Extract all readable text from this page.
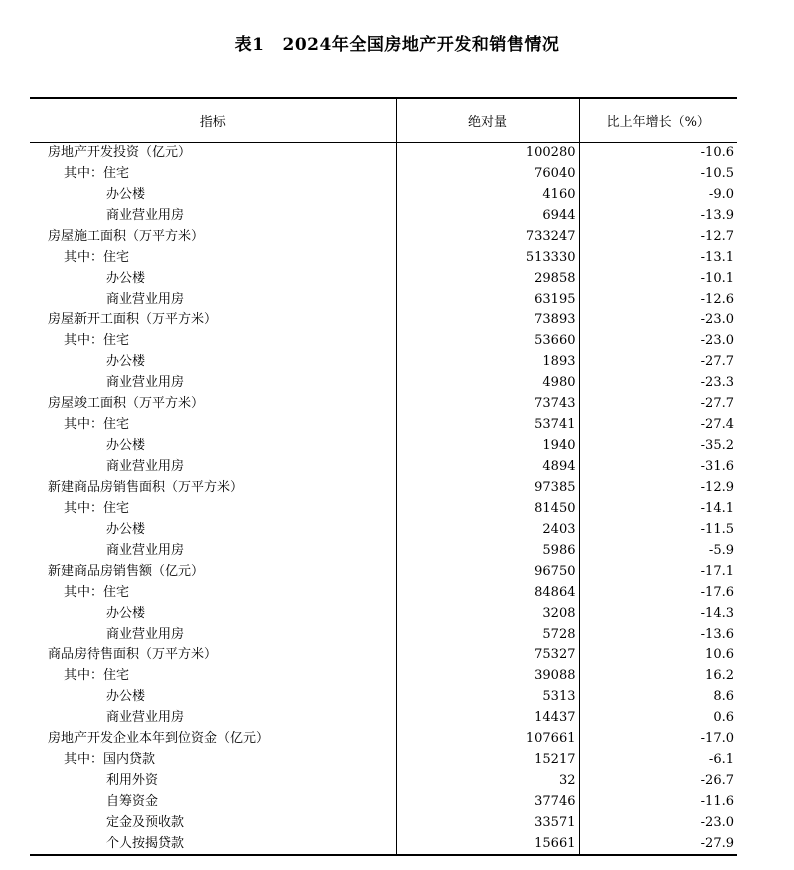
表1 2024年全国房地产开发和销售情况
指标	绝对量	比上年增长（%）
房地产开发投资（亿元）	100280	-10.6
其中：住宅	76040	-10.5
办公楼	4160	-9.0
商业营业用房	6944	-13.9
房屋施工面积（万平方米）	733247	-12.7
其中：住宅	513330	-13.1
办公楼	29858	-10.1
商业营业用房	63195	-12.6
房屋新开工面积（万平方米）	73893	-23.0
其中：住宅	53660	-23.0
办公楼	1893	-27.7
商业营业用房	4980	-23.3
房屋竣工面积（万平方米）	73743	-27.7
其中：住宅	53741	-27.4
办公楼	1940	-35.2
商业营业用房	4894	-31.6
新建商品房销售面积（万平方米）	97385	-12.9
其中：住宅	81450	-14.1
办公楼	2403	-11.5
商业营业用房	5986	-5.9
新建商品房销售额（亿元）	96750	-17.1
其中：住宅	84864	-17.6
办公楼	3208	-14.3
商业营业用房	5728	-13.6
商品房待售面积（万平方米）	75327	10.6
其中：住宅	39088	16.2
办公楼	5313	8.6
商业营业用房	14437	0.6
房地产开发企业本年到位资金（亿元）	107661	-17.0
其中：国内贷款	15217	-6.1
利用外资	32	-26.7
自筹资金	37746	-11.6
定金及预收款	33571	-23.0
个人按揭贷款	15661	-27.9
